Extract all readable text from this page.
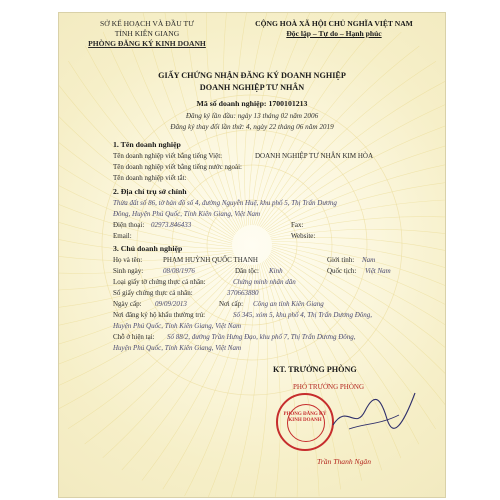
SỞ KẾ HOẠCH VÀ ĐẦU TƯ
TỈNH KIÊN GIANG
PHÒNG ĐĂNG KÝ KINH DOANH
CỘNG HOÀ XÃ HỘI CHỦ NGHĨA VIỆT NAM
Độc lập – Tự do – Hạnh phúc
GIẤY CHỨNG NHẬN ĐĂNG KÝ DOANH NGHIỆP
DOANH NGHIỆP TƯ NHÂN
Mã số doanh nghiệp: 1700101213
Đăng ký lần đầu: ngày 13 tháng 02 năm 2006
Đăng ký thay đổi lần thứ: 4, ngày 22 tháng 06 năm 2019
1. Tên doanh nghiệp
Tên doanh nghiệp viết bằng tiếng Việt:	DOANH NGHIỆP TƯ NHÂN KIM HÒA
Tên doanh nghiệp viết bằng tiếng nước ngoài:
Tên doanh nghiệp viết tắt:
2. Địa chỉ trụ sở chính
Thửa đất số 86, tờ bản đồ số 4, đường Nguyễn Huệ, khu phố 5, Thị Trấn Dương
Đông, Huyện Phú Quốc, Tỉnh Kiên Giang, Việt Nam
Điện thoại: 02973.846433	Fax:
Email:	Website:
3. Chủ doanh nghiệp
Họ và tên:	PHẠM HUỲNH QUỐC THANH	Giới tính: Nam
Sinh ngày:	08/08/1976	Dân tộc: Kinh	Quốc tịch: Việt Nam
Loại giấy tờ chứng thực cá nhân:	Chứng minh nhân dân
Số giấy chứng thực cá nhân:	370663880
Ngày cấp: 09/09/2013	Nơi cấp: Công an tỉnh Kiên Giang
Nơi đăng ký hộ khẩu thường trú:	Số 345, xóm 5, khu phố 4, Thị Trấn Dương Đông,
Huyện Phú Quốc, Tỉnh Kiên Giang, Việt Nam
Chỗ ở hiện tại: Số 88/2, đường Trần Hưng Đạo, khu phố 7, Thị Trấn Dương Đông,
Huyện Phú Quốc, Tỉnh Kiên Giang, Việt Nam
KT. TRƯỞNG PHÒNG
PHÓ TRƯỞNG PHÒNG
PHÒNG ĐĂNG KÝ KINH DOANH
Trần Thanh Ngân
